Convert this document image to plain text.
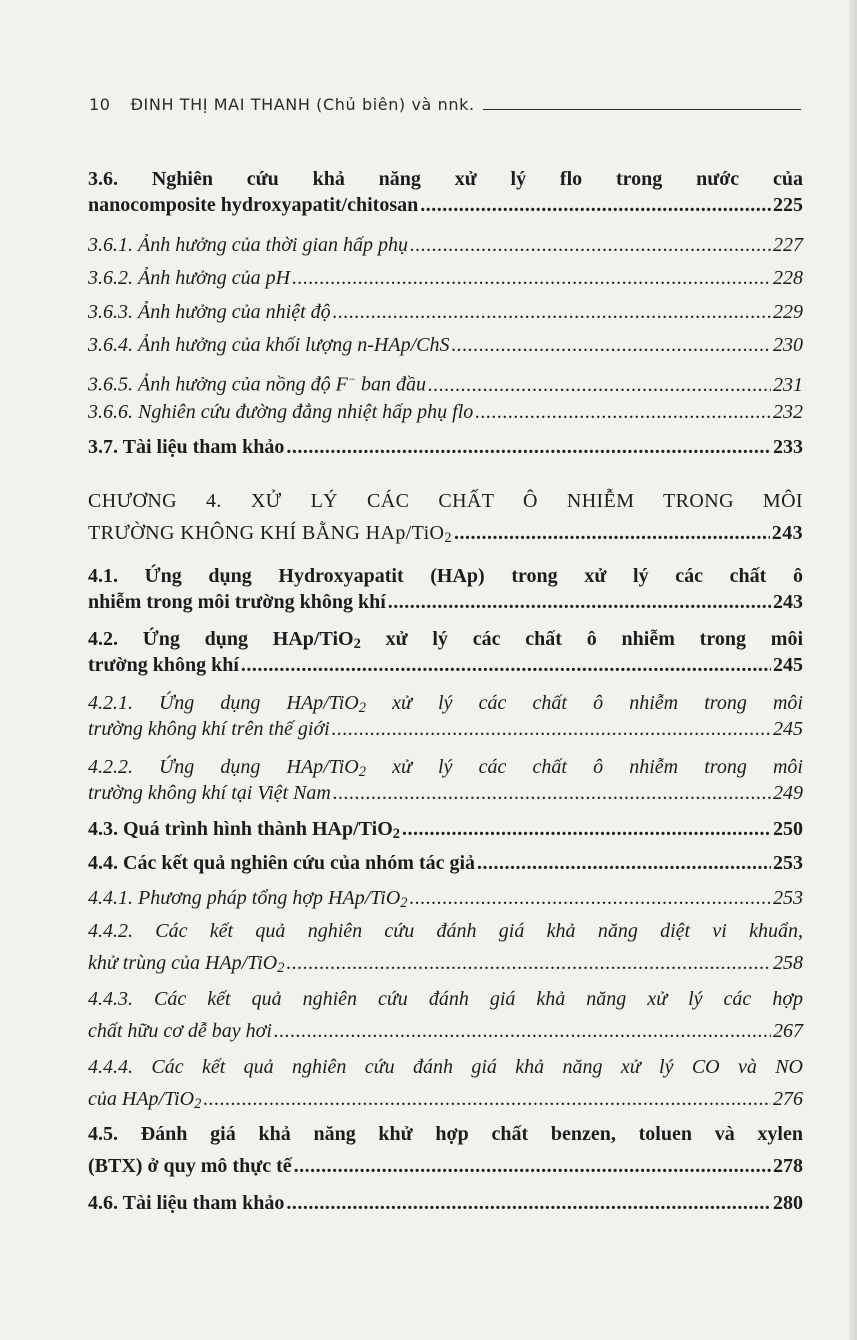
10 ĐINH THỊ MAI THANH (Chủ biên) và nnk.
3.6. Nghiên cứu khả năng xử lý flo trong nước của
nanocomposite hydroxyapatit/chitosan .....	225
3.6.1. Ảnh hưởng của thời gian hấp phụ .....	227
3.6.2. Ảnh hưởng của pH .....	228
3.6.3. Ảnh hưởng của nhiệt độ .....	229
3.6.4. Ảnh hưởng của khối lượng n-HAp/ChS .....	230
3.6.5. Ảnh hưởng của nồng độ F− ban đầu .....	231
3.6.6. Nghiên cứu đường đẳng nhiệt hấp phụ flo .....	232
3.7. Tài liệu tham khảo .....	233
CHƯƠNG 4. XỬ LÝ CÁC CHẤT Ô NHIỄM TRONG MÔI
TRƯỜNG KHÔNG KHÍ BẰNG HAp/TiO2 .....	243
4.1. Ứng dụng Hydroxyapatit (HAp) trong xử lý các chất ô
nhiễm trong môi trường không khí .....	243
4.2. Ứng dụng HAp/TiO2 xử lý các chất ô nhiễm trong môi
trường không khí .....	245
4.2.1. Ứng dụng HAp/TiO2 xử lý các chất ô nhiễm trong môi
trường không khí trên thế giới .....	245
4.2.2. Ứng dụng HAp/TiO2 xử lý các chất ô nhiễm trong môi
trường không khí tại Việt Nam .....	249
4.3. Quá trình hình thành HAp/TiO2 .....	250
4.4. Các kết quả nghiên cứu của nhóm tác giả .....	253
4.4.1. Phương pháp tổng hợp HAp/TiO2 .....	253
4.4.2. Các kết quả nghiên cứu đánh giá khả năng diệt vi khuẩn,
khử trùng của HAp/TiO2 .....	258
4.4.3. Các kết quả nghiên cứu đánh giá khả năng xử lý các hợp
chất hữu cơ dễ bay hơi .....	267
4.4.4. Các kết quả nghiên cứu đánh giá khả năng xử lý CO và NO
của HAp/TiO2 .....	276
4.5. Đánh giá khả năng khử hợp chất benzen, toluen và xylen
(BTX) ở quy mô thực tế .....	278
4.6. Tài liệu tham khảo .....	280
